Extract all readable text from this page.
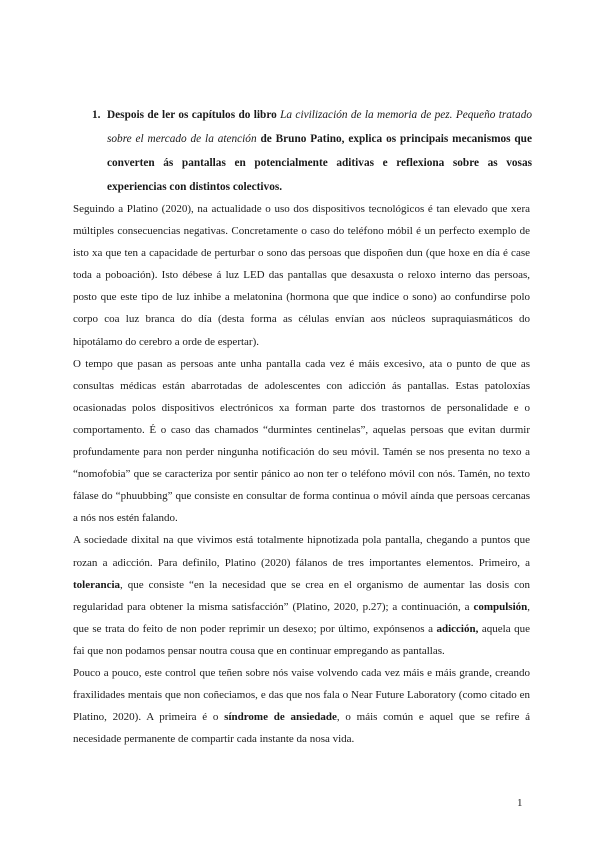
1. Despois de ler os capítulos do libro La civilización de la memoria de pez. Pequeño tratado sobre el mercado de la atención de Bruno Patino, explica os principais mecanismos que converten ás pantallas en potencialmente aditivas e reflexiona sobre as vosas experiencias con distintos colectivos.

Seguindo a Platino (2020), na actualidade o uso dos dispositivos tecnológicos é tan elevado que xera múltiples consecuencias negativas. Concretamente o caso do teléfono móbil é un perfecto exemplo de isto xa que ten a capacidade de perturbar o sono das persoas que dispoñen dun (que hoxe en día é case toda a poboación). Isto débese á luz LED das pantallas que desaxusta o reloxo interno das persoas, posto que este tipo de luz inhibe a melatonina (hormona que que indice o sono) ao confundirse polo corpo coa luz branca do día (desta forma as células envían aos núcleos supraquiasmáticos do hipotálamo do cerebro a orde de espertar).

O tempo que pasan as persoas ante unha pantalla cada vez é máis excesivo, ata o punto de que as consultas médicas están abarrotadas de adolescentes con adicción ás pantallas. Estas patoloxías ocasionadas polos dispositivos electrónicos xa forman parte dos trastornos de personalidade e o comportamento. É o caso das chamados “durmintes centinelas”, aquelas persoas que evitan durmir profundamente para non perder ningunha notificación do seu móvil. Tamén se nos presenta no texo a “nomofobia” que se caracteriza por sentir pánico ao non ter o teléfono móvil con nós. Tamén, no texto fálase do “phuubbing” que consiste en consultar de forma continua o móvil aínda que persoas cercanas a nós nos estén falando.

A sociedade dixital na que vivimos está totalmente hipnotizada pola pantalla, chegando a puntos que rozan a adicción. Para definilo, Platino (2020) fálanos de tres importantes elementos. Primeiro, a tolerancia, que consiste “en la necesidad que se crea en el organismo de aumentar las dosis con regularidad para obtener la misma satisfacción” (Platino, 2020, p.27); a continuación, a compulsión, que se trata do feito de non poder reprimir un desexo; por último, expónsenos a adicción, aquela que fai que non podamos pensar noutra cousa que en continuar empregando as pantallas.

Pouco a pouco, este control que teñen sobre nós vaise volvendo cada vez máis e máis grande, creando fraxilidades mentais que non coñeciamos, e das que nos fala o Near Future Laboratory (como citado en Platino, 2020). A primeira é o síndrome de ansiedade, o máis común e aquel que se refire á necesidade permanente de compartir cada instante da nosa vida.

1
